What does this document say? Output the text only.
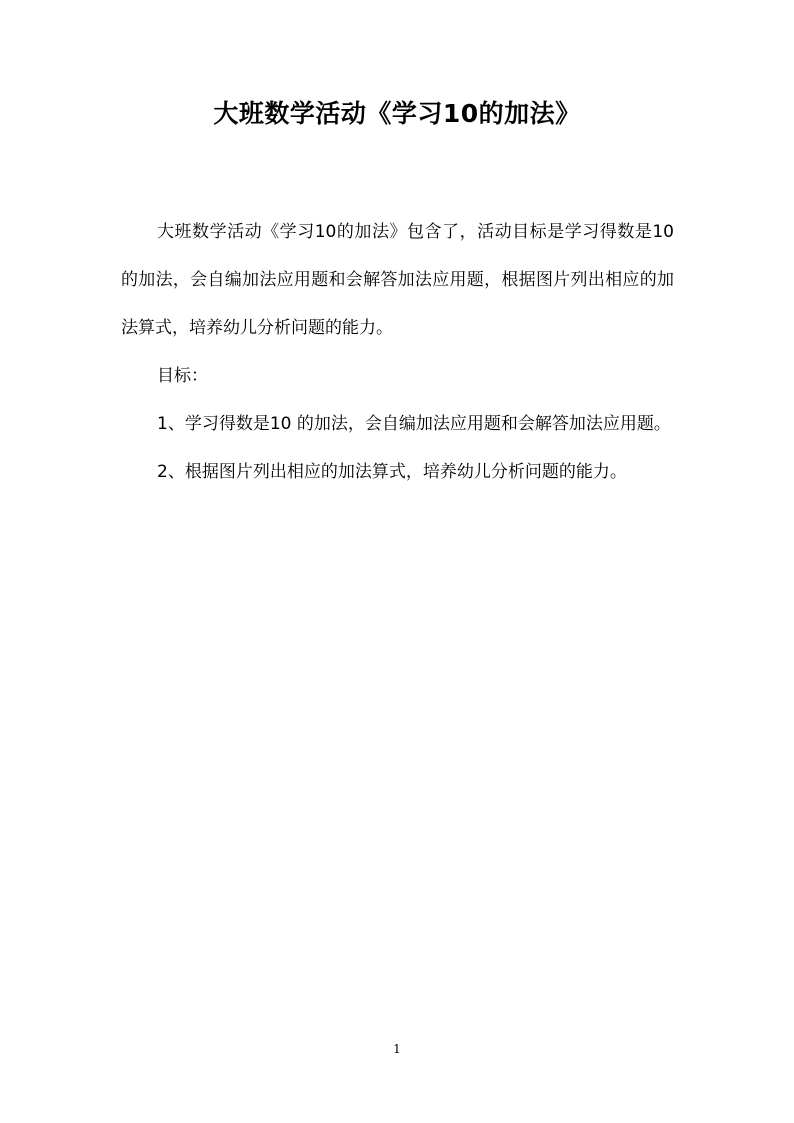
大班数学活动《学习10的加法》

大班数学活动《学习10的加法》包含了，活动目标是学习得数是10 的加法，会自编加法应用题和会解答加法应用题，根据图片列出相应的加法算式，培养幼儿分析问题的能力。

目标：

1、学习得数是10 的加法，会自编加法应用题和会解答加法应用题。

2、根据图片列出相应的加法算式，培养幼儿分析问题的能力。

1
